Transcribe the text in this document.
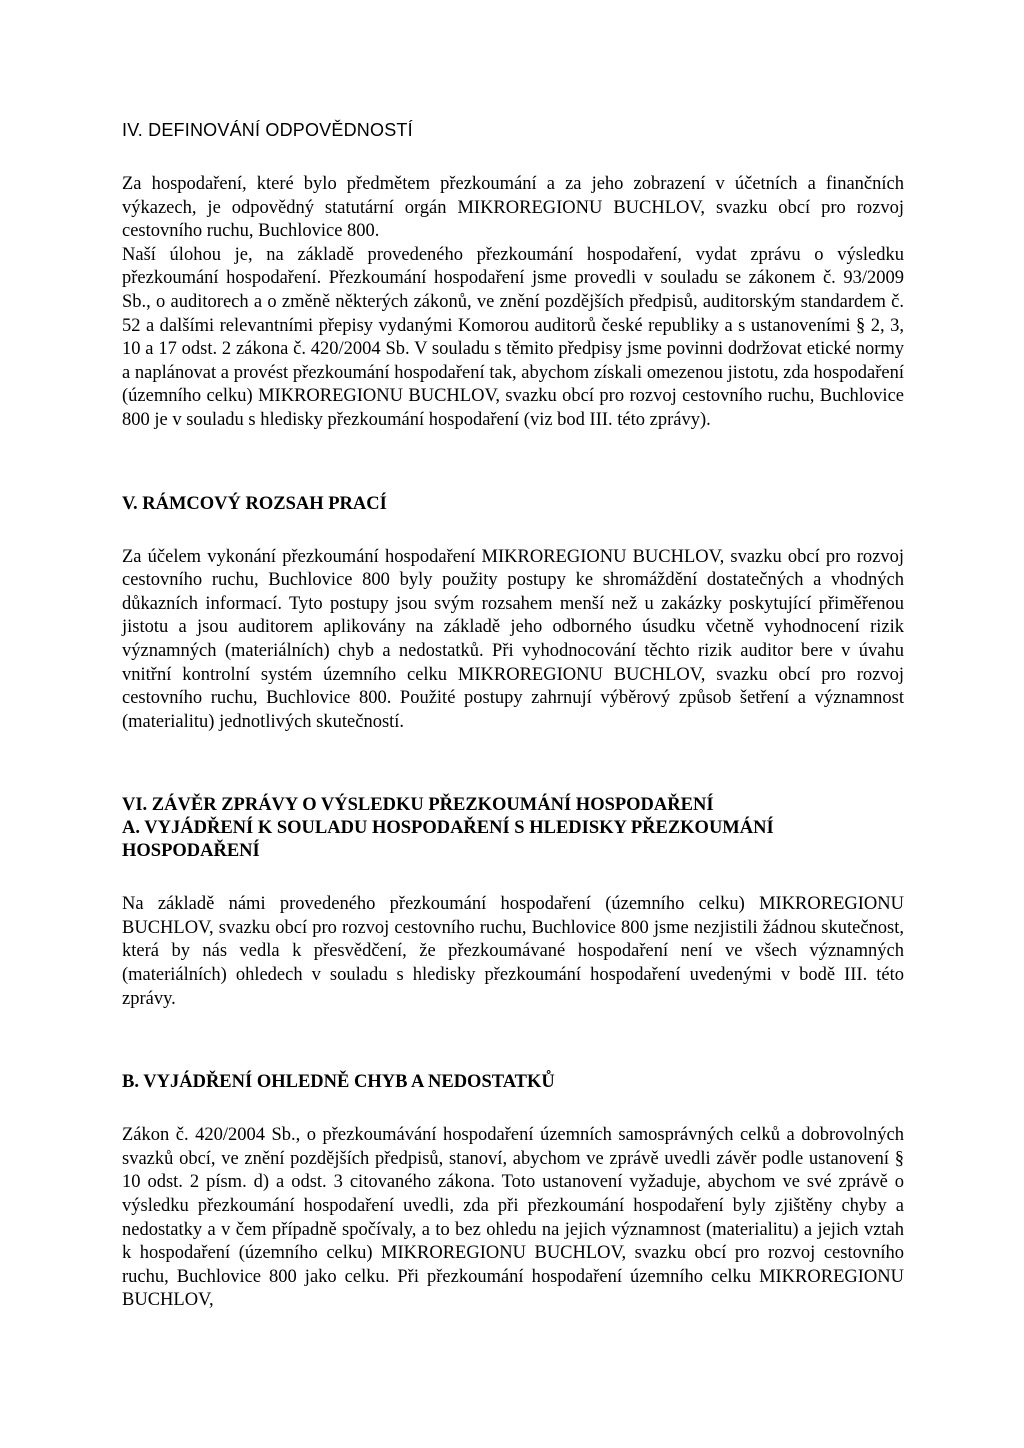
IV. DEFINOVÁNÍ ODPOVĚDNOSTÍ

Za hospodaření, které bylo předmětem přezkoumání a za jeho zobrazení v účetních a finančních výkazech, je odpovědný statutární orgán MIKROREGIONU BUCHLOV, svazku obcí pro rozvoj cestovního ruchu, Buchlovice 800.

Naší úlohou je, na základě provedeného přezkoumání hospodaření, vydat zprávu o výsledku přezkoumání hospodaření. Přezkoumání hospodaření jsme provedli v souladu se zákonem č. 93/2009 Sb., o auditorech a o změně některých zákonů, ve znění pozdějších předpisů, auditorským standardem č. 52 a dalšími relevantními přepisy vydanými Komorou auditorů české republiky a s ustanoveními § 2, 3, 10 a 17 odst. 2 zákona č. 420/2004 Sb. V souladu s těmito předpisy jsme povinni dodržovat etické normy a naplánovat a provést přezkoumání hospodaření tak, abychom získali omezenou jistotu, zda hospodaření (územního celku) MIKROREGIONU BUCHLOV, svazku obcí pro rozvoj cestovního ruchu, Buchlovice 800 je v souladu s hledisky přezkoumání hospodaření (viz bod III. této zprávy).

V. RÁMCOVÝ ROZSAH PRACÍ

Za účelem vykonání přezkoumání hospodaření MIKROREGIONU BUCHLOV, svazku obcí pro rozvoj cestovního ruchu, Buchlovice 800 byly použity postupy ke shromáždění dostatečných a vhodných důkazních informací. Tyto postupy jsou svým rozsahem menší než u zakázky poskytující přiměřenou jistotu a jsou auditorem aplikovány na základě jeho odborného úsudku včetně vyhodnocení rizik významných (materiálních) chyb a nedostatků. Při vyhodnocování těchto rizik auditor bere v úvahu vnitřní kontrolní systém územního celku MIKROREGIONU BUCHLOV, svazku obcí pro rozvoj cestovního ruchu, Buchlovice 800. Použité postupy zahrnují výběrový způsob šetření a významnost (materialitu) jednotlivých skutečností.

VI. ZÁVĚR ZPRÁVY O VÝSLEDKU PŘEZKOUMÁNÍ HOSPODAŘENÍ
A. VYJÁDŘENÍ K SOULADU HOSPODAŘENÍ S HLEDISKY PŘEZKOUMÁNÍ
HOSPODAŘENÍ

Na základě námi provedeného přezkoumání hospodaření (územního celku) MIKROREGIONU BUCHLOV, svazku obcí pro rozvoj cestovního ruchu, Buchlovice 800 jsme nezjistili žádnou skutečnost, která by nás vedla k přesvědčení, že přezkoumávané hospodaření není ve všech významných (materiálních) ohledech v souladu s hledisky přezkoumání hospodaření uvedenými v bodě III. této zprávy.

B. VYJÁDŘENÍ OHLEDNĚ CHYB A NEDOSTATKŮ

Zákon č. 420/2004 Sb., o přezkoumávání hospodaření územních samosprávných celků a dobrovolných svazků obcí, ve znění pozdějších předpisů, stanoví, abychom ve zprávě uvedli závěr podle ustanovení § 10 odst. 2 písm. d) a odst. 3 citovaného zákona. Toto ustanovení vyžaduje, abychom ve své zprávě o výsledku přezkoumání hospodaření uvedli, zda při přezkoumání hospodaření byly zjištěny chyby a nedostatky a v čem případně spočívaly, a to bez ohledu na jejich významnost (materialitu) a jejich vztah k hospodaření (územního celku) MIKROREGIONU BUCHLOV, svazku obcí pro rozvoj cestovního ruchu, Buchlovice 800 jako celku. Při přezkoumání hospodaření územního celku MIKROREGIONU BUCHLOV,
